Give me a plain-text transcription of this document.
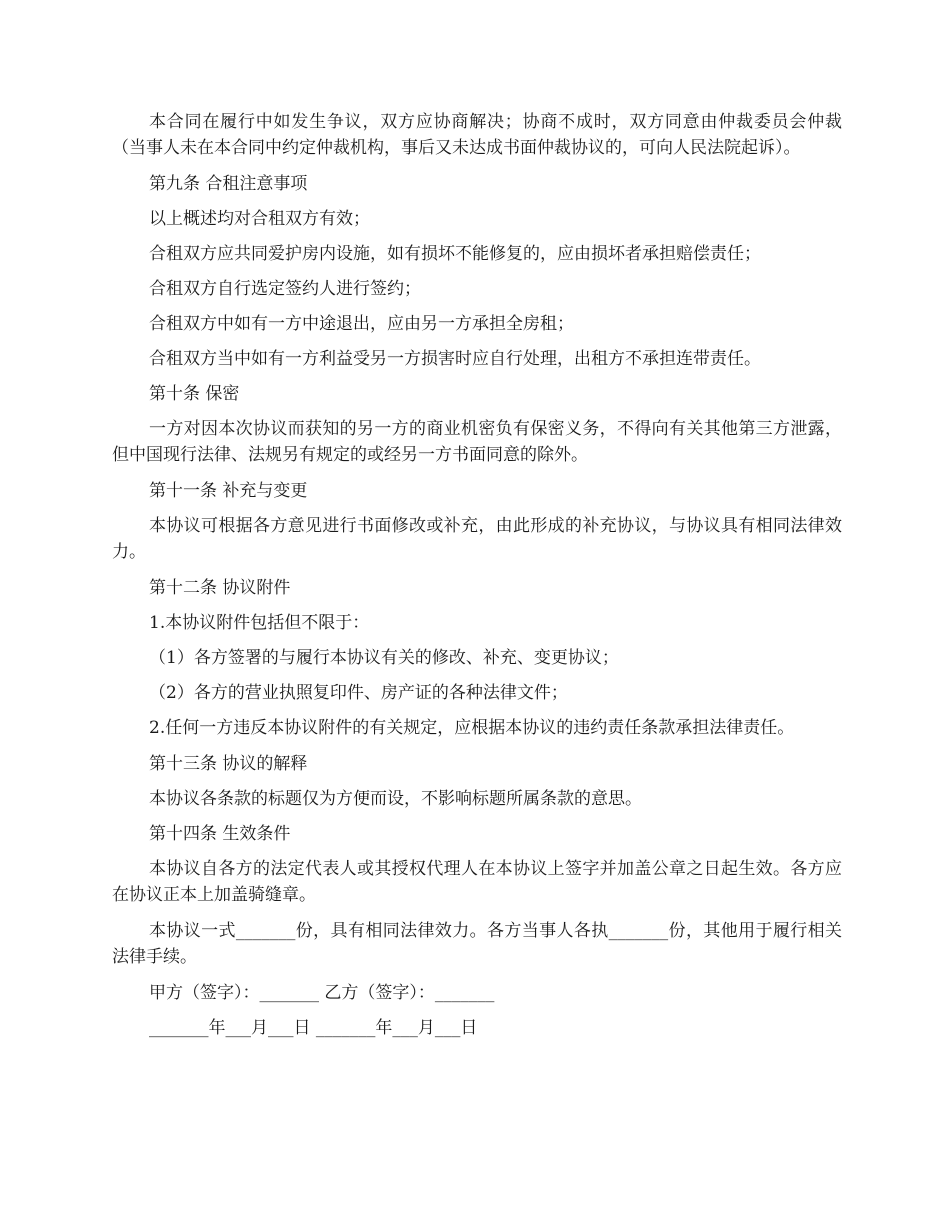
本合同在履行中如发生争议，双方应协商解决；协商不成时，双方同意由仲裁委员会仲裁（当事人未在本合同中约定仲裁机构，事后又未达成书面仲裁协议的，可向人民法院起诉）。

第九条 合租注意事项

以上概述均对合租双方有效；

合租双方应共同爱护房内设施，如有损坏不能修复的，应由损坏者承担赔偿责任；

合租双方自行选定签约人进行签约；

合租双方中如有一方中途退出，应由另一方承担全房租；

合租双方当中如有一方利益受另一方损害时应自行处理，出租方不承担连带责任。

第十条 保密

一方对因本次协议而获知的另一方的商业机密负有保密义务，不得向有关其他第三方泄露，但中国现行法律、法规另有规定的或经另一方书面同意的除外。

第十一条 补充与变更

本协议可根据各方意见进行书面修改或补充，由此形成的补充协议，与协议具有相同法律效力。

第十二条 协议附件

1.本协议附件包括但不限于：

（1）各方签署的与履行本协议有关的修改、补充、变更协议；

（2）各方的营业执照复印件、房产证的各种法律文件；

2.任何一方违反本协议附件的有关规定，应根据本协议的违约责任条款承担法律责任。

第十三条 协议的解释

本协议各条款的标题仅为方便而设，不影响标题所属条款的意思。

第十四条 生效条件

本协议自各方的法定代表人或其授权代理人在本协议上签字并加盖公章之日起生效。各方应在协议正本上加盖骑缝章。

本协议一式_______份，具有相同法律效力。各方当事人各执_______份，其他用于履行相关法律手续。

甲方（签字）：_______ 乙方（签字）：_______

_______年___月___日 _______年___月___日
